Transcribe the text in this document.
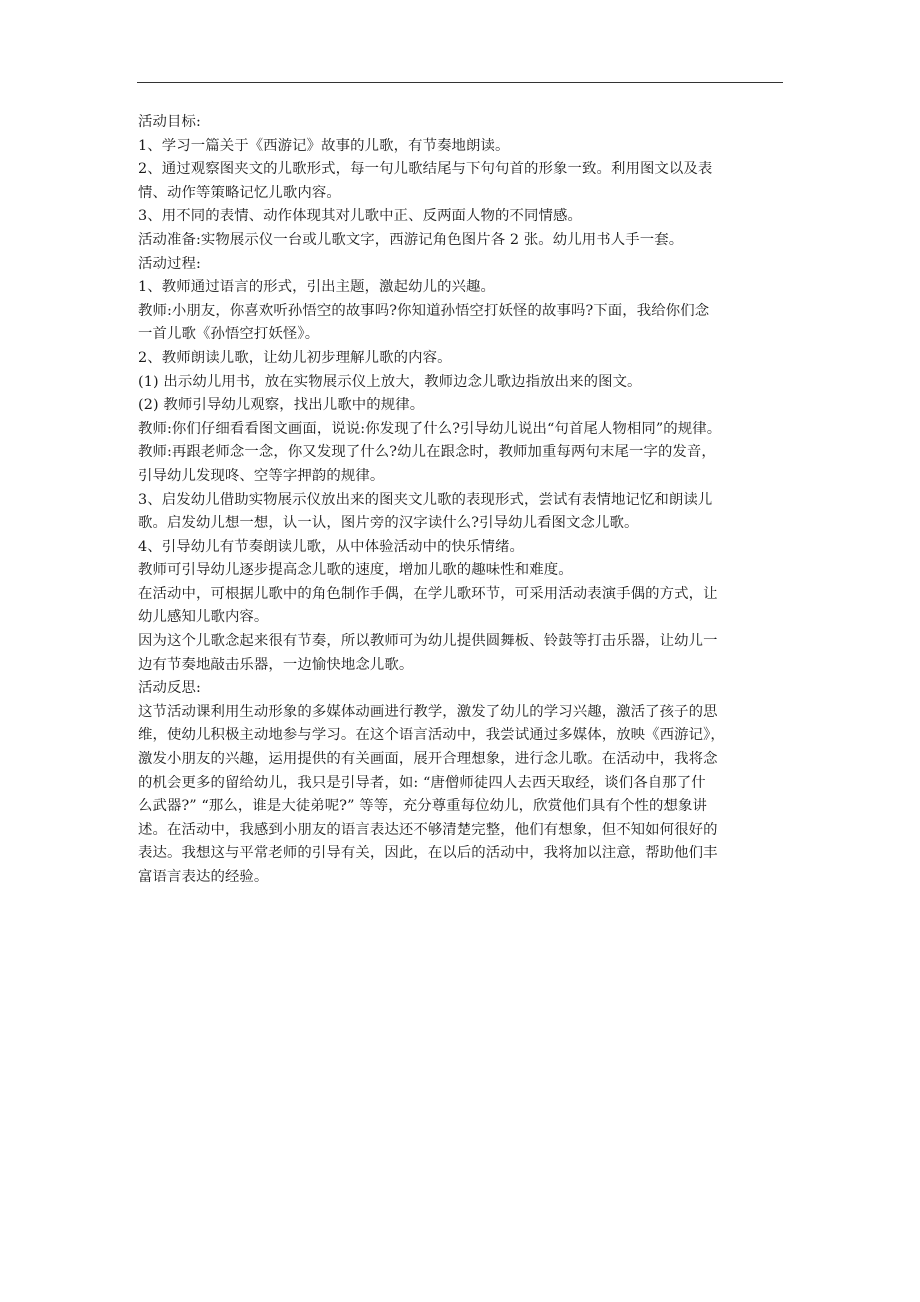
活动目标:

1、学习一篇关于《西游记》故事的儿歌，有节奏地朗读。

2、通过观察图夹文的儿歌形式，每一句儿歌结尾与下句句首的形象一致。利用图文以及表

情、动作等策略记忆儿歌内容。

3、用不同的表情、动作体现其对儿歌中正、反两面人物的不同情感。

活动准备:实物展示仪一台或儿歌文字，西游记角色图片各 2 张。幼儿用书人手一套。

活动过程:

1、教师通过语言的形式，引出主题，激起幼儿的兴趣。

教师:小朋友，你喜欢听孙悟空的故事吗?你知道孙悟空打妖怪的故事吗?下面，我给你们念

一首儿歌《孙悟空打妖怪》。

2、教师朗读儿歌，让幼儿初步理解儿歌的内容。

(1) 出示幼儿用书，放在实物展示仪上放大，教师边念儿歌边指放出来的图文。

(2) 教师引导幼儿观察，找出儿歌中的规律。

教师:你们仔细看看图文画面，说说:你发现了什么?引导幼儿说出“句首尾人物相同”的规律。

教师:再跟老师念一念，你又发现了什么?幼儿在跟念时，教师加重每两句末尾一字的发音，

引导幼儿发现咚、空等字押韵的规律。

3、启发幼儿借助实物展示仪放出来的图夹文儿歌的表现形式，尝试有表情地记忆和朗读儿

歌。启发幼儿想一想，认一认，图片旁的汉字读什么?引导幼儿看图文念儿歌。

4、引导幼儿有节奏朗读儿歌，从中体验活动中的快乐情绪。

教师可引导幼儿逐步提高念儿歌的速度，增加儿歌的趣味性和难度。

在活动中，可根据儿歌中的角色制作手偶，在学儿歌环节，可采用活动表演手偶的方式，让

幼儿感知儿歌内容。

因为这个儿歌念起来很有节奏，所以教师可为幼儿提供圆舞板、铃鼓等打击乐器，让幼儿一

边有节奏地敲击乐器，一边愉快地念儿歌。

活动反思:

这节活动课利用生动形象的多媒体动画进行教学，激发了幼儿的学习兴趣，激活了孩子的思

维，使幼儿积极主动地参与学习。在这个语言活动中，我尝试通过多媒体，放映《西游记》，

激发小朋友的兴趣，运用提供的有关画面，展开合理想象，进行念儿歌。在活动中，我将念

的机会更多的留给幼儿，我只是引导者，如: “唐僧师徒四人去西天取经，谈们各自那了什

么武器?” “那么，谁是大徒弟呢?” 等等，充分尊重每位幼儿，欣赏他们具有个性的想象讲

述。在活动中，我感到小朋友的语言表达还不够清楚完整，他们有想象，但不知如何很好的

表达。我想这与平常老师的引导有关，因此，在以后的活动中，我将加以注意，帮助他们丰

富语言表达的经验。
